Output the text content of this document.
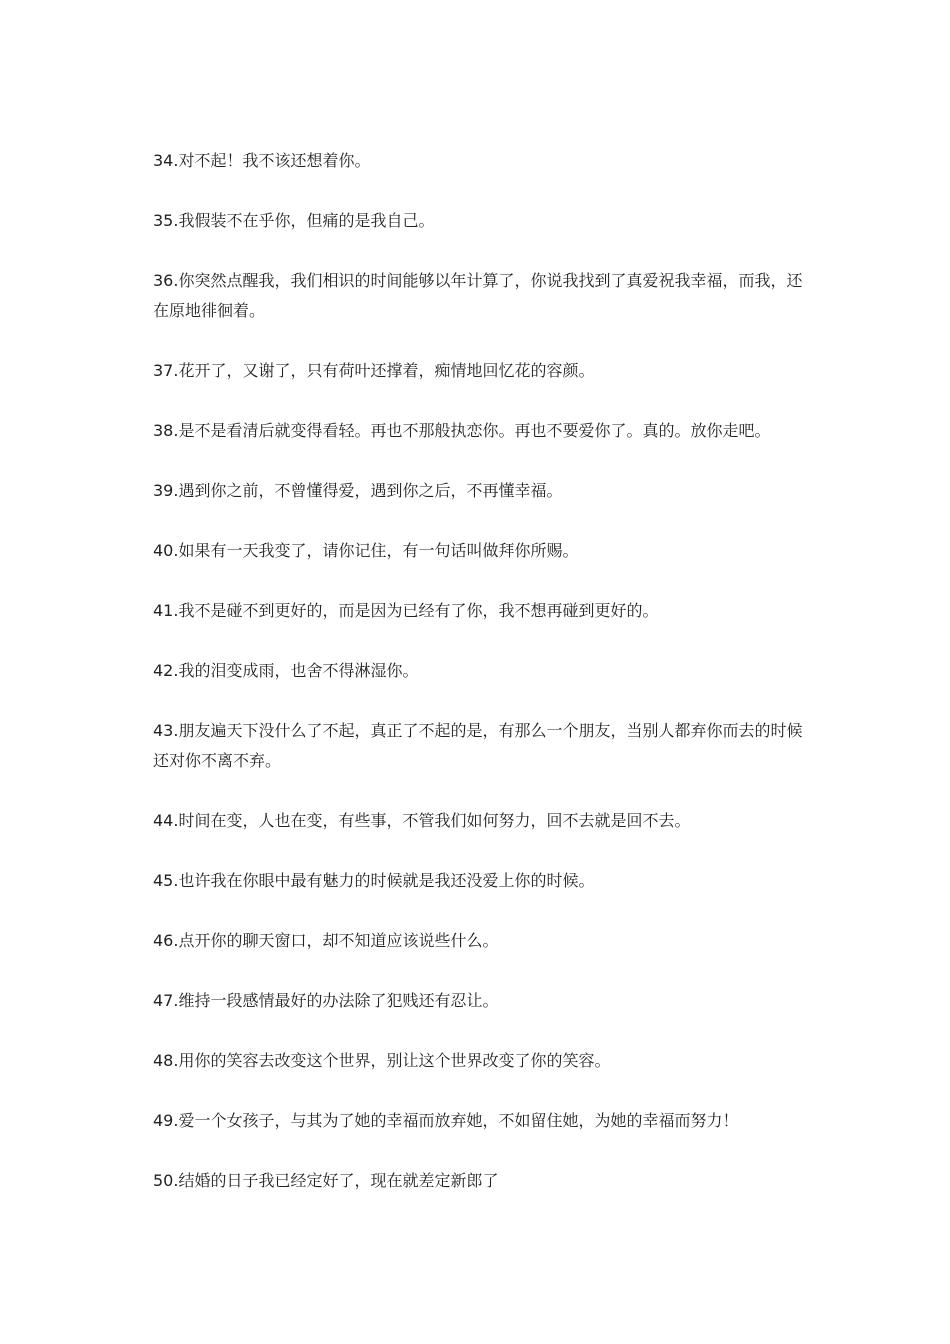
34.对不起！我不该还想着你。

35.我假装不在乎你，但痛的是我自己。

36.你突然点醒我，我们相识的时间能够以年计算了，你说我找到了真爱祝我幸福，而我，还在原地徘徊着。

37.花开了，又谢了，只有荷叶还撑着，痴情地回忆花的容颜。

38.是不是看清后就变得看轻。再也不那般执恋你。再也不要爱你了。真的。放你走吧。

39.遇到你之前，不曾懂得爱，遇到你之后，不再懂幸福。

40.如果有一天我变了，请你记住，有一句话叫做拜你所赐。

41.我不是碰不到更好的，而是因为已经有了你，我不想再碰到更好的。

42.我的泪变成雨，也舍不得淋湿你。

43.朋友遍天下没什么了不起，真正了不起的是，有那么一个朋友，当别人都弃你而去的时候还对你不离不弃。

44.时间在变，人也在变，有些事，不管我们如何努力，回不去就是回不去。

45.也许我在你眼中最有魅力的时候就是我还没爱上你的时候。

46.点开你的聊天窗口，却不知道应该说些什么。

47.维持一段感情最好的办法除了犯贱还有忍让。

48.用你的笑容去改变这个世界，别让这个世界改变了你的笑容。

49.爱一个女孩子，与其为了她的幸福而放弃她，不如留住她，为她的幸福而努力！

50.结婚的日子我已经定好了，现在就差定新郎了
